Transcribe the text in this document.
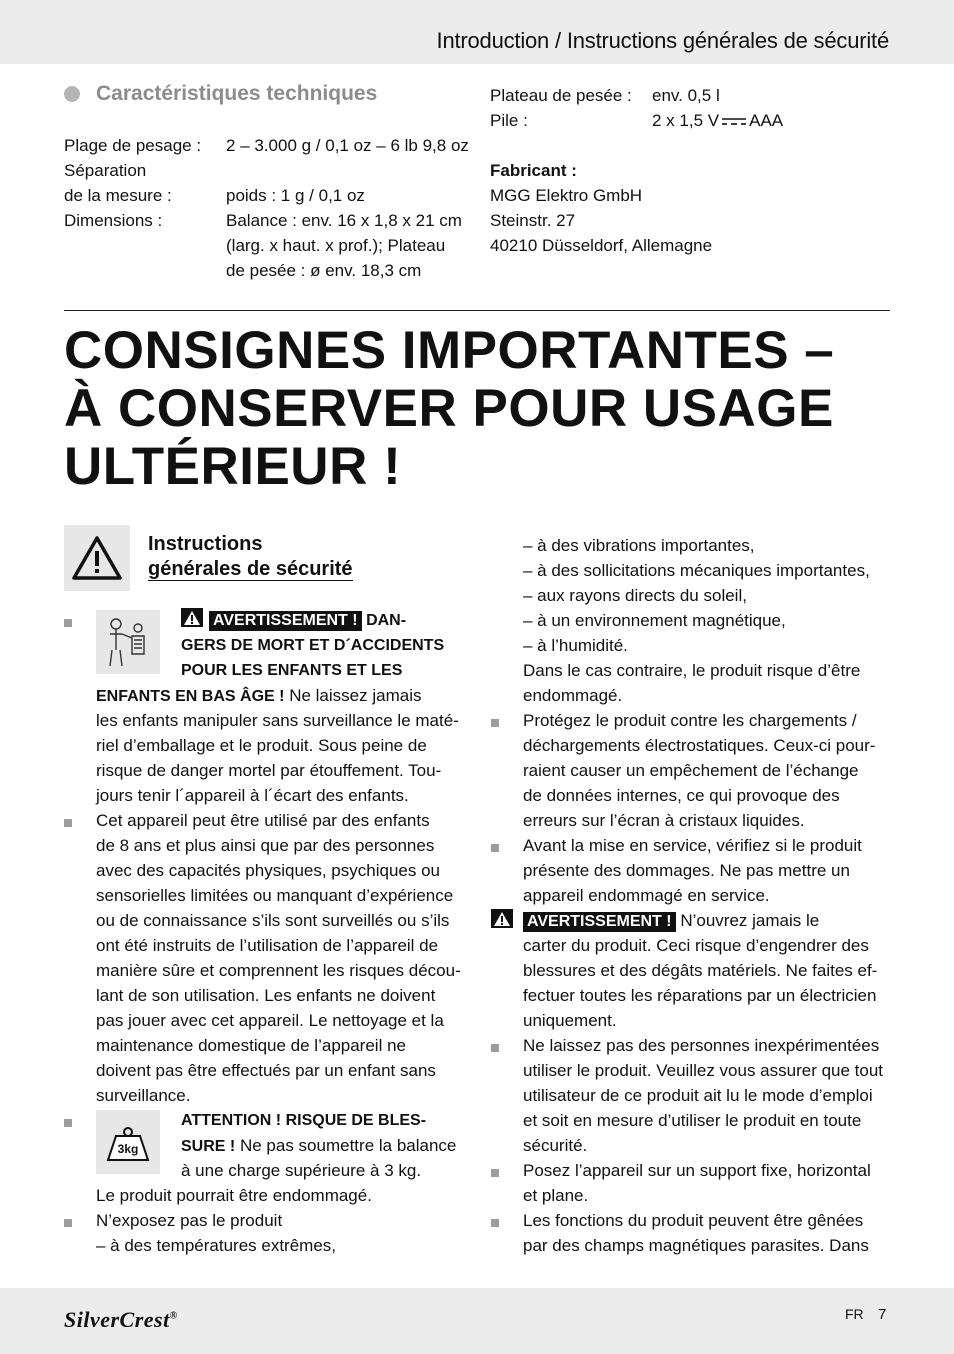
Introduction / Instructions générales de sécurité
Caractéristiques techniques
Plage de pesage : 2 – 3.000 g / 0,1 oz – 6 lb 9,8 oz
Séparation
de la mesure :	poids : 1 g / 0,1 oz
Dimensions :	Balance : env. 16 x 1,8 x 21 cm
(larg. x haut. x prof.); Plateau
de pesée : ø env. 18,3 cm
Plateau de pesée : env. 0,5 l
Pile :	2 x 1,5 V AAA
Fabricant :
MGG Elektro GmbH
Steinstr. 27
40210 Düsseldorf, Allemagne
CONSIGNES IMPORTANTES –
À CONSERVER POUR USAGE
ULTÉRIEUR !
Instructions
générales de sécurité
AVERTISSEMENT ! DAN-
GERS DE MORT ET D´ACCIDENTS
POUR LES ENFANTS ET LES
ENFANTS EN BAS ÂGE ! Ne laissez jamais
les enfants manipuler sans surveillance le maté-
riel d’emballage et le produit. Sous peine de
risque de danger mortel par étouffement. Tou-
jours tenir l´appareil à l´écart des enfants.
Cet appareil peut être utilisé par des enfants
de 8 ans et plus ainsi que par des personnes
avec des capacités physiques, psychiques ou
sensorielles limitées ou manquant d’expérience
ou de connaissance s’ils sont surveillés ou s’ils
ont été instruits de l’utilisation de l’appareil de
manière sûre et comprennent les risques décou-
lant de son utilisation. Les enfants ne doivent
pas jouer avec cet appareil. Le nettoyage et la
maintenance domestique de l’appareil ne
doivent pas être effectués par un enfant sans
surveillance.
3kg
ATTENTION ! RISQUE DE BLES-
SURE ! Ne pas soumettre la balance
à une charge supérieure à 3 kg.
Le produit pourrait être endommagé.
N’exposez pas le produit
– à des températures extrêmes,
– à des vibrations importantes,
– à des sollicitations mécaniques importantes,
– aux rayons directs du soleil,
– à un environnement magnétique,
– à l’humidité.
Dans le cas contraire, le produit risque d’être
endommagé.
Protégez le produit contre les chargements /
déchargements électrostatiques. Ceux-ci pour-
raient causer un empêchement de l’échange
de données internes, ce qui provoque des
erreurs sur l’écran à cristaux liquides.
Avant la mise en service, vérifiez si le produit
présente des dommages. Ne pas mettre un
appareil endommagé en service.
AVERTISSEMENT ! N’ouvrez jamais le
carter du produit. Ceci risque d’engendrer des
blessures et des dégâts matériels. Ne faites ef-
fectuer toutes les réparations par un électricien
uniquement.
Ne laissez pas des personnes inexpérimentées
utiliser le produit. Veuillez vous assurer que tout
utilisateur de ce produit ait lu le mode d’emploi
et soit en mesure d’utiliser le produit en toute
sécurité.
Posez l’appareil sur un support fixe, horizontal
et plane.
Les fonctions du produit peuvent être gênées
par des champs magnétiques parasites. Dans
SilverCrest®	FR 7
